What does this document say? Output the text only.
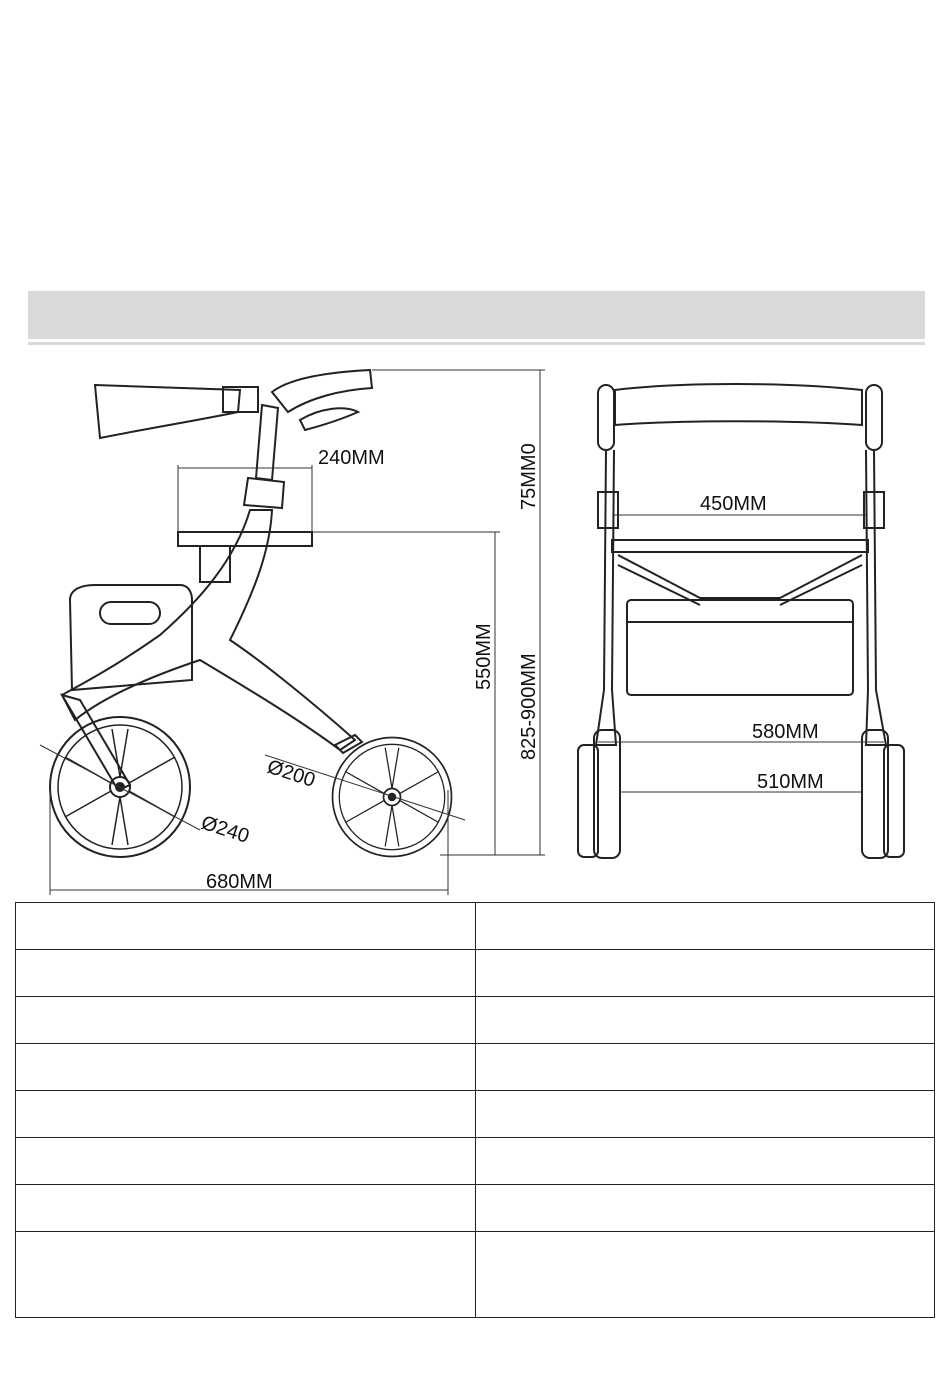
240MM	75MM0
550MM 825-900MM
Ø200
Ø240
680MM
450MM
580MM
510MM
